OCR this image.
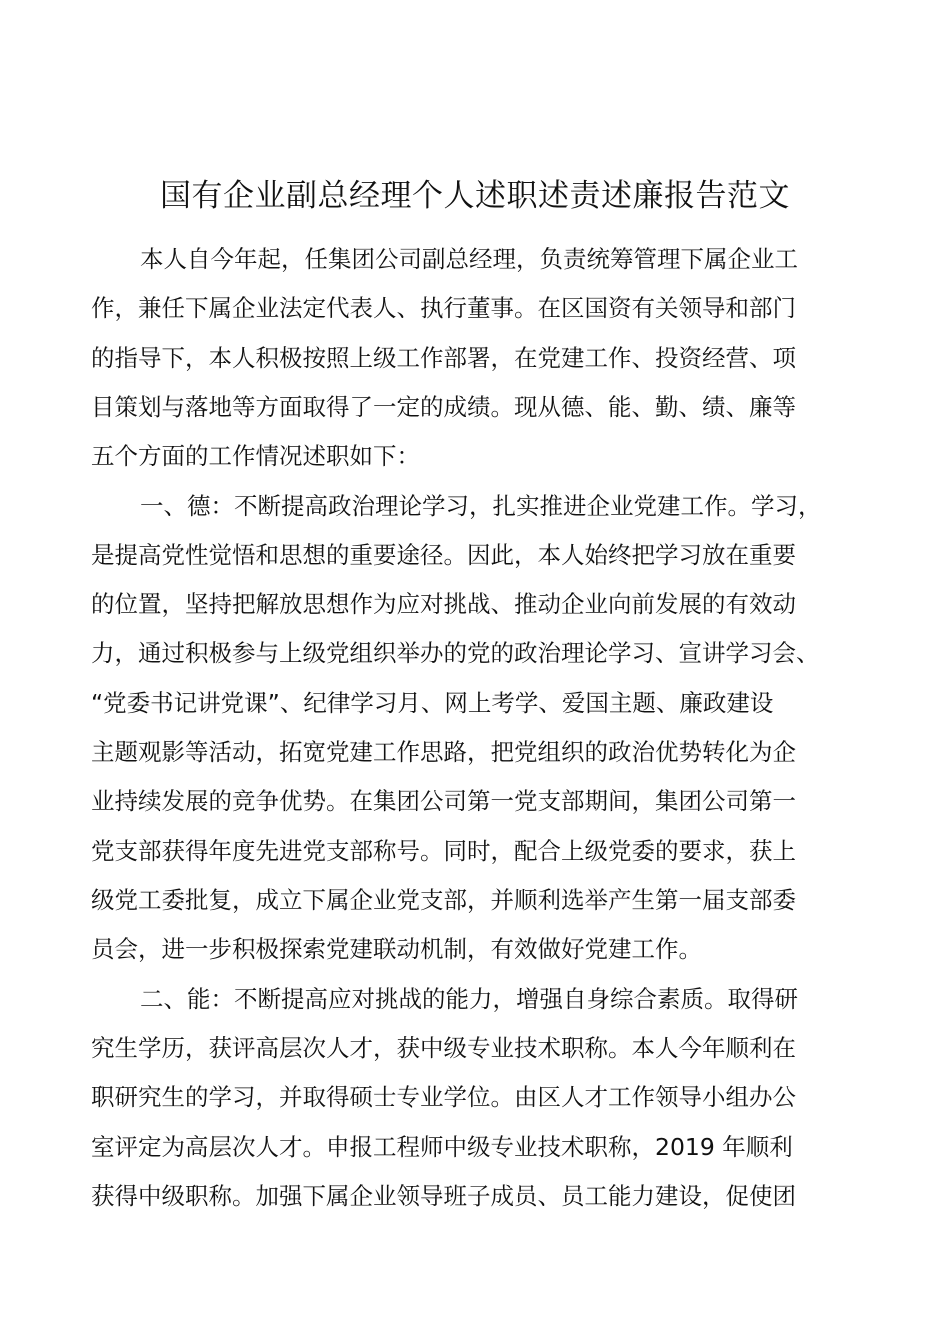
国有企业副总经理个人述职述责述廉报告范文

本人自今年起，任集团公司副总经理，负责统筹管理下属企业工

作，兼任下属企业法定代表人、执行董事。在区国资有关领导和部门

的指导下，本人积极按照上级工作部署，在党建工作、投资经营、项

目策划与落地等方面取得了一定的成绩。现从德、能、勤、绩、廉等

五个方面的工作情况述职如下：

一、德：不断提高政治理论学习，扎实推进企业党建工作。学习，

是提高党性觉悟和思想的重要途径。因此，本人始终把学习放在重要

的位置，坚持把解放思想作为应对挑战、推动企业向前发展的有效动

力，通过积极参与上级党组织举办的党的政治理论学习、宣讲学习会、

“党委书记讲党课”、纪律学习月、网上考学、爱国主题、廉政建设

主题观影等活动，拓宽党建工作思路，把党组织的政治优势转化为企

业持续发展的竞争优势。在集团公司第一党支部期间，集团公司第一

党支部获得年度先进党支部称号。同时，配合上级党委的要求，获上

级党工委批复，成立下属企业党支部，并顺利选举产生第一届支部委

员会，进一步积极探索党建联动机制，有效做好党建工作。

二、能：不断提高应对挑战的能力，增强自身综合素质。取得研

究生学历，获评高层次人才，获中级专业技术职称。本人今年顺利在

职研究生的学习，并取得硕士专业学位。由区人才工作领导小组办公

室评定为高层次人才。申报工程师中级专业技术职称，2019 年顺利

获得中级职称。加强下属企业领导班子成员、员工能力建设，促使团
